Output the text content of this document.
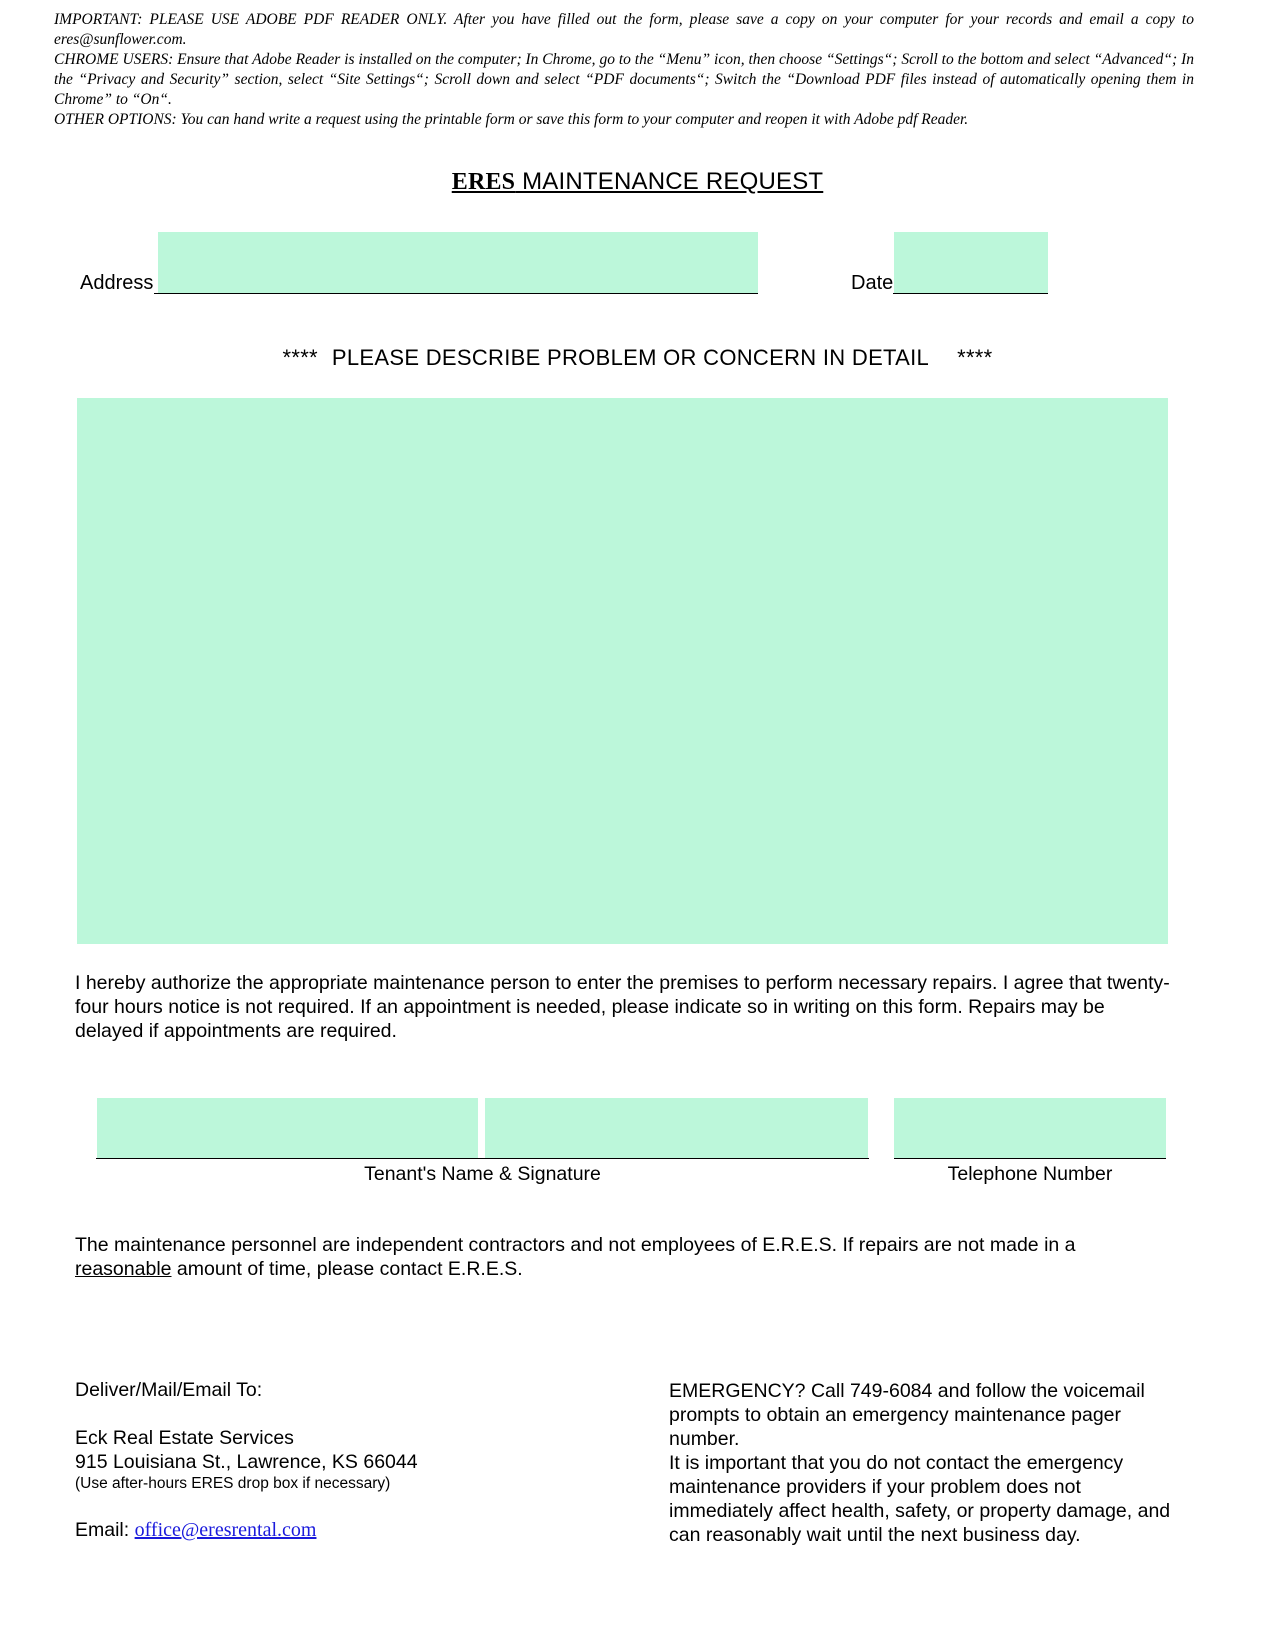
IMPORTANT: PLEASE USE ADOBE PDF READER ONLY. After you have filled out the form, please save a copy on your computer for your records and email a copy to eres@sunflower.com.

CHROME USERS: Ensure that Adobe Reader is installed on the computer; In Chrome, go to the “Menu” icon, then choose “Settings“; Scroll to the bottom and select “Advanced“; In the “Privacy and Security” section, select “Site Settings“; Scroll down and select “PDF documents“; Switch the “Download PDF files instead of automatically opening them in Chrome” to “On“.

OTHER OPTIONS: You can hand write a request using the printable form or save this form to your computer and reopen it with Adobe pdf Reader.

ERES MAINTENANCE REQUEST
Address	Date
**** PLEASE DESCRIBE PROBLEM OR CONCERN IN DETAIL ****

I hereby authorize the appropriate maintenance person to enter the premises to perform necessary repairs. I agree that twenty-four hours notice is not required. If an appointment is needed, please indicate so in writing on this form. Repairs may be delayed if appointments are required.

Tenant's Name & Signature	Telephone Number

The maintenance personnel are independent contractors and not employees of E.R.E.S. If repairs are not made in a reasonable amount of time, please contact E.R.E.S.

Deliver/Mail/Email To:
Eck Real Estate Services
915 Louisiana St., Lawrence, KS 66044
(Use after-hours ERES drop box if necessary)
Email: office@eresrental.com

EMERGENCY? Call 749-6084 and follow the voicemail prompts to obtain an emergency maintenance pager number.

It is important that you do not contact the emergency maintenance providers if your problem does not immediately affect health, safety, or property damage, and can reasonably wait until the next business day.
